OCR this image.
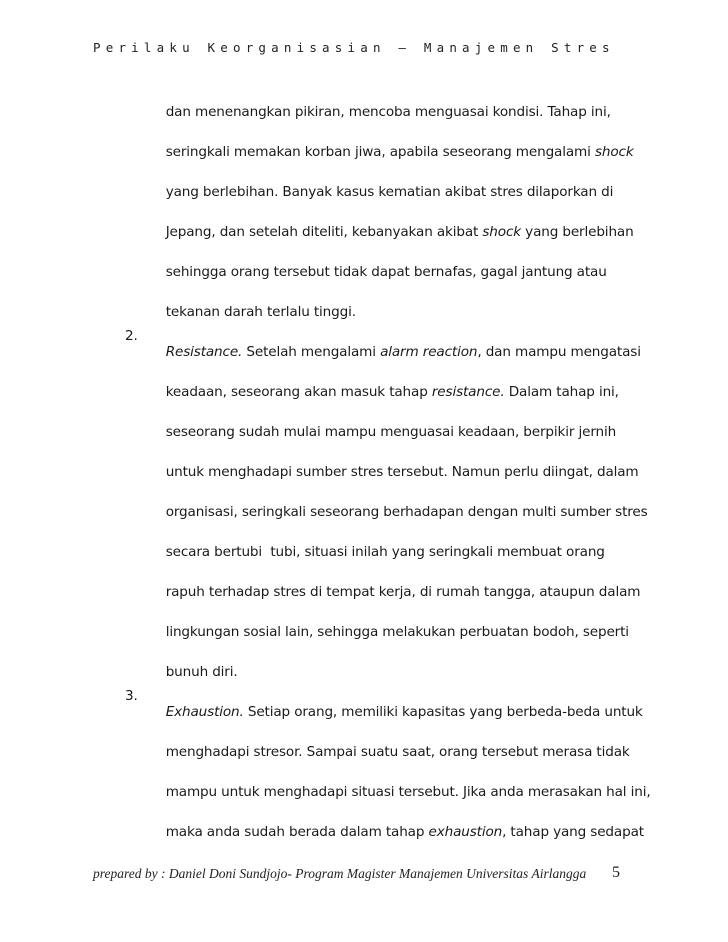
Perilaku Keorganisasian – Manajemen Stres

dan menenangkan pikiran, mencoba menguasai kondisi. Tahap ini,

seringkali memakan korban jiwa, apabila seseorang mengalami shock

yang berlebihan. Banyak kasus kematian akibat stres dilaporkan di

Jepang, dan setelah diteliti, kebanyakan akibat shock yang berlebihan

sehingga orang tersebut tidak dapat bernafas, gagal jantung atau

tekanan darah terlalu tinggi.

2.

Resistance. Setelah mengalami alarm reaction, dan mampu mengatasi

keadaan, seseorang akan masuk tahap resistance. Dalam tahap ini,

seseorang sudah mulai mampu menguasai keadaan, berpikir jernih

untuk menghadapi sumber stres tersebut. Namun perlu diingat, dalam

organisasi, seringkali seseorang berhadapan dengan multi sumber stres

secara bertubi  tubi, situasi inilah yang seringkali membuat orang

rapuh terhadap stres di tempat kerja, di rumah tangga, ataupun dalam

lingkungan sosial lain, sehingga melakukan perbuatan bodoh, seperti

bunuh diri.

3.

Exhaustion. Setiap orang, memiliki kapasitas yang berbeda-beda untuk

menghadapi stresor. Sampai suatu saat, orang tersebut merasa tidak

mampu untuk menghadapi situasi tersebut. Jika anda merasakan hal ini,

maka anda sudah berada dalam tahap exhaustion, tahap yang sedapat

prepared by : Daniel Doni Sundjojo- Program Magister Manajemen Universitas Airlangga 5
